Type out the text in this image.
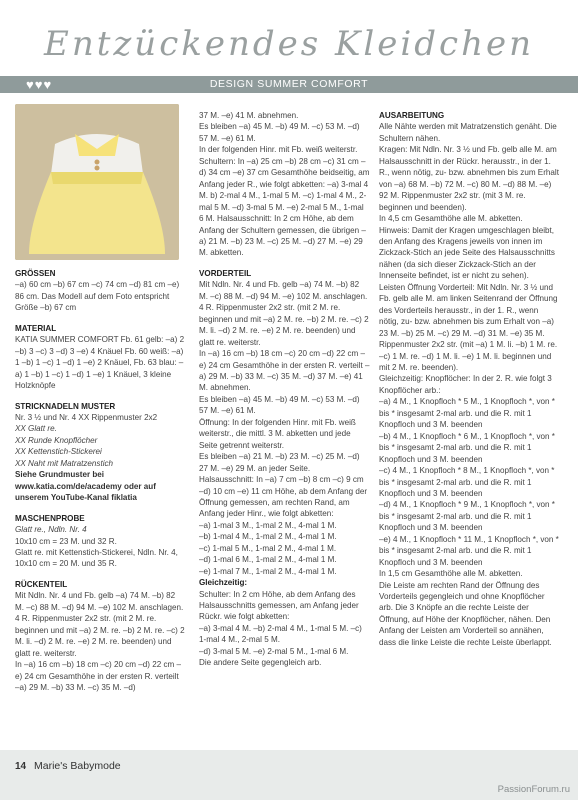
Entzückendes Kleidchen
DESIGN SUMMER COMFORT
♥♥♥

GRÖSSEN

–a) 60 cm –b) 67 cm –c) 74 cm –d) 81 cm –e) 86 cm. Das Modell auf dem Foto entspricht Größe –b) 67 cm

MATERIAL

KATIA SUMMER COMFORT Fb. 61 gelb: –a) 2 –b) 3 –c) 3 –d) 3 –e) 4 Knäuel Fb. 60 weiß: –a) 1 –b) 1 –c) 1 –d) 1 –e) 2 Knäuel, Fb. 63 blau: –a) 1 –b) 1 –c) 1 –d) 1 –e) 1 Knäuel, 3 kleine Holzknöpfe

STRICKNADELN MUSTER

Nr. 3 ½ und Nr. 4 XX Rippenmuster 2x2

XX Glatt re.

XX Runde Knopflöcher

XX Kettenstich-Stickerei

XX Naht mit Matratzenstich

Siehe Grundmuster bei www.katia.com/de/academy oder auf unserem YouTube-Kanal fiklatia

MASCHENPROBE

Glatt re., Ndln. Nr. 4

10x10 cm = 23 M. und 32 R.

Glatt re. mit Kettenstich-Stickerei, Ndln. Nr. 4, 10x10 cm = 20 M. und 35 R.

RÜCKENTEIL

Mit Ndln. Nr. 4 und Fb. gelb –a) 74 M. –b) 82 M. –c) 88 M. –d) 94 M. –e) 102 M. anschlagen. 4 R. Rippenmuster 2x2 str. (mit 2 M. re. beginnen und mit –a) 2 M. re. –b) 2 M. re. –c) 2 M. li. –d) 2 M. re. –e) 2 M. re. beenden) und glatt re. weiterstr.

In –a) 16 cm –b) 18 cm –c) 20 cm –d) 22 cm –e) 24 cm Gesamthöhe in der ersten R. verteilt –a) 29 M. –b) 33 M. –c) 35 M. –d)

37 M. –e) 41 M. abnehmen.

Es bleiben –a) 45 M. –b) 49 M. –c) 53 M. –d) 57 M. –e) 61 M.

In der folgenden Hinr. mit Fb. weiß weiterstr. Schultern: In –a) 25 cm –b) 28 cm –c) 31 cm –d) 34 cm –e) 37 cm Gesamthöhe beidseitig, am Anfang jeder R., wie folgt abketten: –a) 3-mal 4 M. b) 2-mal 4 M., 1-mal 5 M. –c) 1-mal 4 M., 2-mal 5 M. –d) 3-mal 5 M. –e) 2-mal 5 M., 1-mal 6 M. Halsausschnitt: In 2 cm Höhe, ab dem Anfang der Schultern gemessen, die übrigen –a) 21 M. –b) 23 M. –c) 25 M. –d) 27 M. –e) 29 M. abketten.

VORDERTEIL

Mit Ndln. Nr. 4 und Fb. gelb –a) 74 M. –b) 82 M. –c) 88 M. –d) 94 M. –e) 102 M. anschlagen. 4 R. Rippenmuster 2x2 str. (mit 2 M. re. beginnen und mit –a) 2 M. re. –b) 2 M. re. –c) 2 M. li. –d) 2 M. re. –e) 2 M. re. beenden) und glatt re. weiterstr.

In –a) 16 cm –b) 18 cm –c) 20 cm –d) 22 cm –e) 24 cm Gesamthöhe in der ersten R. verteilt –a) 29 M. –b) 33 M. –c) 35 M. –d) 37 M. –e) 41 M. abnehmen.

Es bleiben –a) 45 M. –b) 49 M. –c) 53 M. –d) 57 M. –e) 61 M.

Öffnung: In der folgenden Hinr. mit Fb. weiß weiterstr., die mittl. 3 M. abketten und jede Seite getrennt weiterstr.

Es bleiben –a) 21 M. –b) 23 M. –c) 25 M. –d) 27 M. –e) 29 M. an jeder Seite.

Halsausschnitt: In –a) 7 cm –b) 8 cm –c) 9 cm –d) 10 cm –e) 11 cm Höhe, ab dem Anfang der Öffnung gemessen, am rechten Rand, am Anfang jeder Hinr., wie folgt abketten:

–a) 1-mal 3 M., 1-mal 2 M., 4-mal 1 M.

–b) 1-mal 4 M., 1-mal 2 M., 4-mal 1 M.

–c) 1-mal 5 M., 1-mal 2 M., 4-mal 1 M.

–d) 1-mal 6 M., 1-mal 2 M., 4-mal 1 M.

–e) 1-mal 7 M., 1-mal 2 M., 4-mal 1 M.

Gleichzeitig:

Schulter: In 2 cm Höhe, ab dem Anfang des Halsausschnitts gemessen, am Anfang jeder Rückr. wie folgt abketten:

–a) 3-mal 4 M. –b) 2-mal 4 M., 1-mal 5 M. –c) 1-mal 4 M., 2-mal 5 M.

–d) 3-mal 5 M. –e) 2-mal 5 M., 1-mal 6 M.

Die andere Seite gegengleich arb.

AUSARBEITUNG

Alle Nähte werden mit Matratzenstich genäht. Die Schultern nähen.

Kragen: Mit Ndln. Nr. 3 ½ und Fb. gelb alle M. am Halsausschnitt in der Rückr. herausstr., in der 1. R., wenn nötig, zu- bzw. abnehmen bis zum Erhalt von –a) 68 M. –b) 72 M. –c) 80 M. –d) 88 M. –e) 92 M. Rippenmuster 2x2 str. (mit 3 M. re. beginnen und beenden).

In 4,5 cm Gesamthöhe alle M. abketten.

Hinweis: Damit der Kragen umgeschlagen bleibt, den Anfang des Kragens jeweils von innen im Zickzack-Stich an jede Seite des Halsausschnitts nähen (da sich dieser Zickzack-Stich an der Innenseite befindet, ist er nicht zu sehen).

Leisten Öffnung Vorderteil: Mit Ndln. Nr. 3 ½ und Fb. gelb alle M. am linken Seitenrand der Öffnung des Vorderteils herausstr., in der 1. R., wenn nötig, zu- bzw. abnehmen bis zum Erhalt von –a) 23 M. –b) 25 M. –c) 29 M. –d) 31 M. –e) 35 M. Rippenmuster 2x2 str. (mit –a) 1 M. li. –b) 1 M. re. –c) 1 M. re. –d) 1 M. li. –e) 1 M. li. beginnen und mit 2 M. re. beenden).

Gleichzeitig: Knopflöcher: In der 2. R. wie folgt 3 Knopflöcher arb.:

–a) 4 M., 1 Knopfloch * 5 M., 1 Knopfloch *, von * bis * insgesamt 2-mal arb. und die R. mit 1 Knopfloch und 3 M. beenden

–b) 4 M., 1 Knopfloch * 6 M., 1 Knopfloch *, von * bis * insgesamt 2-mal arb. und die R. mit 1 Knopfloch und 3 M. beenden

–c) 4 M., 1 Knopfloch * 8 M., 1 Knopfloch *, von * bis * insgesamt 2-mal arb. und die R. mit 1 Knopfloch und 3 M. beenden

–d) 4 M., 1 Knopfloch * 9 M., 1 Knopfloch *, von * bis * insgesamt 2-mal arb. und die R. mit 1 Knopfloch und 3 M. beenden

–e) 4 M., 1 Knopfloch * 11 M., 1 Knopfloch *, von * bis * insgesamt 2-mal arb. und die R. mit 1 Knopfloch und 3 M. beenden

In 1,5 cm Gesamthöhe alle M. abketten.

Die Leiste am rechten Rand der Öffnung des Vorderteils gegengleich und ohne Knopflöcher arb. Die 3 Knöpfe an die rechte Leiste der Öffnung, auf Höhe der Knopflöcher, nähen. Den Anfang der Leisten am Vorderteil so annähen, dass die linke Leiste die rechte Leiste überlappt.

14 Marie's Babymode
PassionForum.ru
